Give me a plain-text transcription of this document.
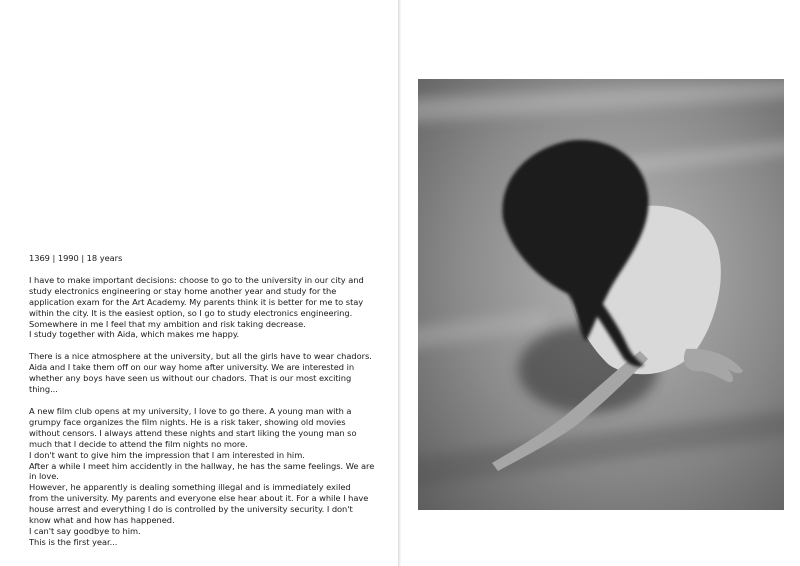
1369 | 1990 | 18 years
I have to make important decisions: choose to go to the university in our city and
study electronics engineering or stay home another year and study for the
application exam for the Art Academy. My parents think it is better for me to stay
within the city. It is the easiest option, so I go to study electronics engineering.
Somewhere in me I feel that my ambition and risk taking decrease.
I study together with Aida, which makes me happy.
There is a nice atmosphere at the university, but all the girls have to wear chadors.
Aida and I take them off on our way home after university. We are interested in
whether any boys have seen us without our chadors. That is our most exciting
thing...
A new film club opens at my university, I love to go there. A young man with a
grumpy face organizes the film nights. He is a risk taker, showing old movies
without censors. I always attend these nights and start liking the young man so
much that I decide to attend the film nights no more.
I don't want to give him the impression that I am interested in him.
After a while I meet him accidently in the hallway, he has the same feelings. We are
in love.
However, he apparently is dealing something illegal and is immediately exiled
from the university. My parents and everyone else hear about it. For a while I have
house arrest and everything I do is controlled by the university security. I don't
know what and how has happened.
I can't say goodbye to him.
This is the first year...
